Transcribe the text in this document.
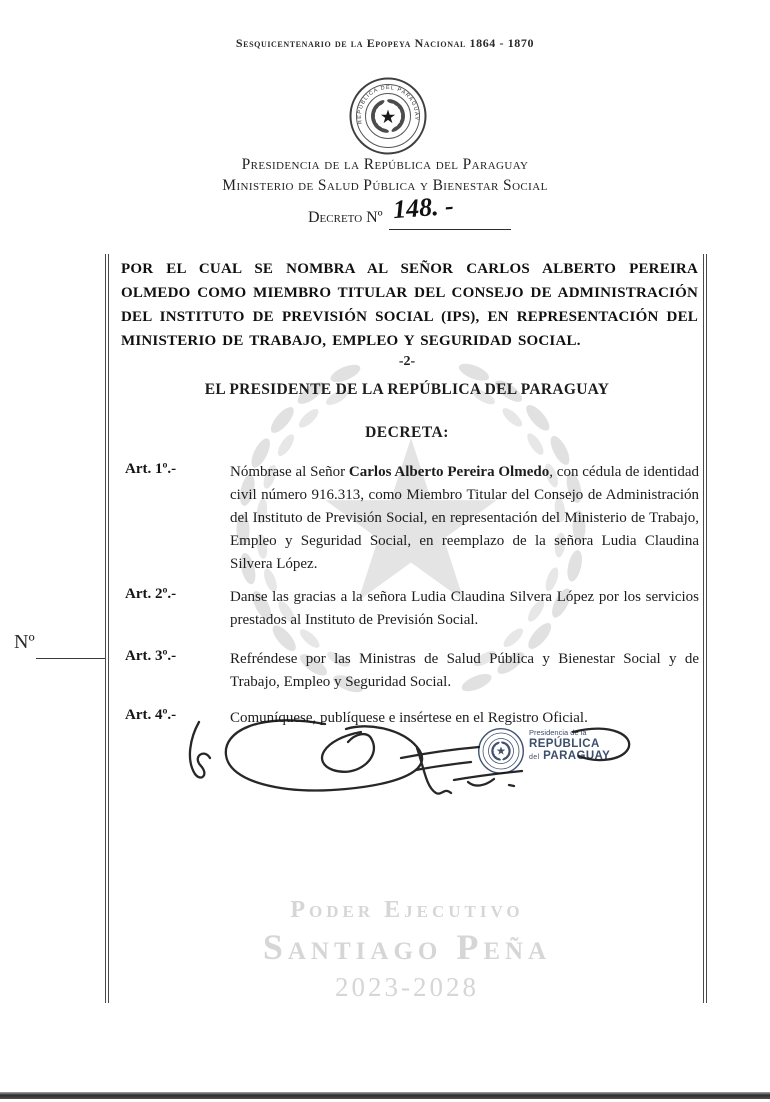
Poder Ejecutivo
Santiago Peña
2023-2028
Sesquicentenario de la Epopeya Nacional 1864 - 1870
REPÚBLICA DEL PARAGUAY
Presidencia de la República del Paraguay
Ministerio de Salud Pública y Bienestar Social
Decreto Nº 148. -
POR EL CUAL SE NOMBRA AL SEÑOR CARLOS ALBERTO PEREIRA OLMEDO COMO MIEMBRO TITULAR DEL CONSEJO DE ADMINISTRACIÓN DEL INSTITUTO DE PREVISIÓN SOCIAL (IPS), EN REPRESENTACIÓN DEL MINISTERIO DE TRABAJO, EMPLEO Y SEGURIDAD SOCIAL.
-2-
EL PRESIDENTE DE LA REPÚBLICA DEL PARAGUAY
DECRETA:
Art. 1º.-	Nómbrase al Señor Carlos Alberto Pereira Olmedo, con cédula de identidad civil número 916.313, como Miembro Titular del Consejo de Administración del Instituto de Previsión Social, en representación del Ministerio de Trabajo, Empleo y Seguridad Social, en reemplazo de la señora Ludia Claudina Silvera López.
Art. 2º.-	Danse las gracias a la señora Ludia Claudina Silvera López por los servicios prestados al Instituto de Previsión Social.
Art. 3º.-	Refréndese por las Ministras de Salud Pública y Bienestar Social y de Trabajo, Empleo y Seguridad Social.
Art. 4º.-	Comuníquese, publíquese e insértese en el Registro Oficial.
Nº
Presidencia de la
REPÚBLICA
del PARAGUAY
